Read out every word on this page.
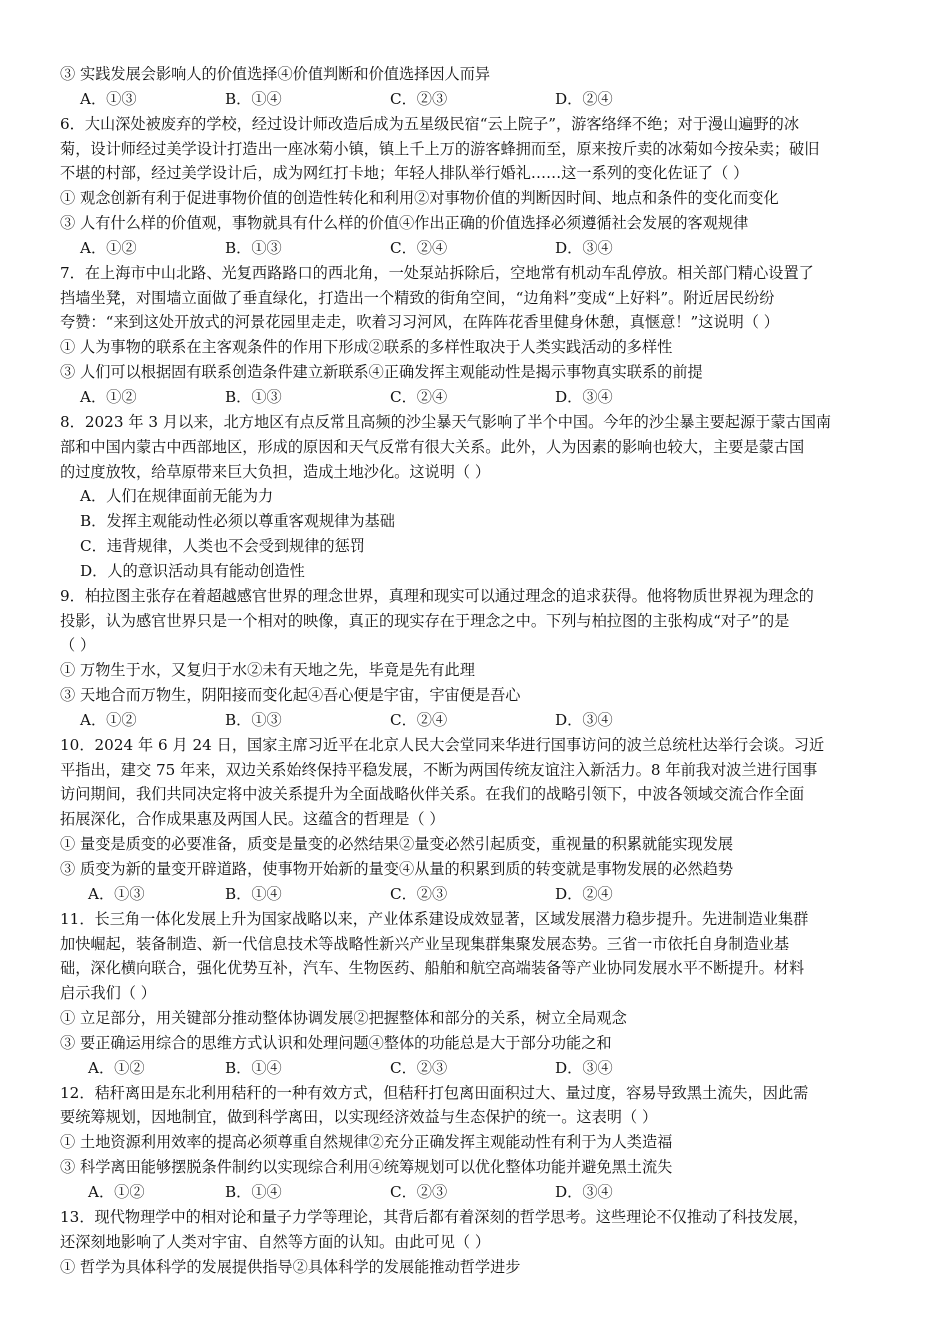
③ 实践发展会影响人的价值选择④价值判断和价值选择因人而异
A．①③	B．①④	C．②③	D．②④
6．大山深处被废弃的学校，经过设计师改造后成为五星级民宿“云上院子”，游客络绎不绝；对于漫山遍野的冰
菊，设计师经过美学设计打造出一座冰菊小镇，镇上千上万的游客蜂拥而至，原来按斤卖的冰菊如今按朵卖；破旧
不堪的村部，经过美学设计后，成为网红打卡地；年轻人排队举行婚礼……这一系列的变化佐证了（ ）
① 观念创新有利于促进事物价值的创造性转化和利用②对事物价值的判断因时间、地点和条件的变化而变化
③ 人有什么样的价值观，事物就具有什么样的价值④作出正确的价值选择必须遵循社会发展的客观规律
A．①②	B．①③	C．②④	D．③④
7．在上海市中山北路、光复西路路口的西北角，一处泵站拆除后，空地常有机动车乱停放。相关部门精心设置了
挡墙坐凳，对围墙立面做了垂直绿化，打造出一个精致的街角空间，“边角料”变成“上好料”。附近居民纷纷
夸赞：“来到这处开放式的河景花园里走走，吹着习习河风，在阵阵花香里健身休憩，真惬意！”这说明（ ）
① 人为事物的联系在主客观条件的作用下形成②联系的多样性取决于人类实践活动的多样性
③ 人们可以根据固有联系创造条件建立新联系④正确发挥主观能动性是揭示事物真实联系的前提
A．①②	B．①③	C．②④	D．③④
8．2023 年 3 月以来，北方地区有点反常且高频的沙尘暴天气影响了半个中国。今年的沙尘暴主要起源于蒙古国南
部和中国内蒙古中西部地区，形成的原因和天气反常有很大关系。此外，人为因素的影响也较大，主要是蒙古国
的过度放牧，给草原带来巨大负担，造成土地沙化。这说明（ ）
A．人们在规律面前无能为力
B．发挥主观能动性必须以尊重客观规律为基础
C．违背规律，人类也不会受到规律的惩罚
D．人的意识活动具有能动创造性
9．柏拉图主张存在着超越感官世界的理念世界，真理和现实可以通过理念的追求获得。他将物质世界视为理念的
投影，认为感官世界只是一个相对的映像，真正的现实存在于理念之中。下列与柏拉图的主张构成“对子”的是
（ ）
① 万物生于水，又复归于水②未有天地之先，毕竟是先有此理
③ 天地合而万物生，阴阳接而变化起④吾心便是宇宙，宇宙便是吾心
A．①②	B．①③	C．②④	D．③④
10．2024 年 6 月 24 日，国家主席习近平在北京人民大会堂同来华进行国事访问的波兰总统杜达举行会谈。习近
平指出，建交 75 年来，双边关系始终保持平稳发展，不断为两国传统友谊注入新活力。8 年前我对波兰进行国事
访问期间，我们共同决定将中波关系提升为全面战略伙伴关系。在我们的战略引领下，中波各领域交流合作全面
拓展深化，合作成果惠及两国人民。这蕴含的哲理是（ ）
① 量变是质变的必要准备，质变是量变的必然结果②量变必然引起质变，重视量的积累就能实现发展
③ 质变为新的量变开辟道路，使事物开始新的量变④从量的积累到质的转变就是事物发展的必然趋势
A．①③	B．①④	C．②③	D．②④
11．长三角一体化发展上升为国家战略以来，产业体系建设成效显著，区域发展潜力稳步提升。先进制造业集群
加快崛起，装备制造、新一代信息技术等战略性新兴产业呈现集群集聚发展态势。三省一市依托自身制造业基
础，深化横向联合，强化优势互补，汽车、生物医药、船舶和航空高端装备等产业协同发展水平不断提升。材料
启示我们（ ）
① 立足部分，用关键部分推动整体协调发展②把握整体和部分的关系，树立全局观念
③ 要正确运用综合的思维方式认识和处理问题④整体的功能总是大于部分功能之和
A．①②	B．①④	C．②③	D．③④
12．秸秆离田是东北利用秸秆的一种有效方式，但秸秆打包离田面积过大、量过度，容易导致黑土流失，因此需
要统筹规划，因地制宜，做到科学离田，以实现经济效益与生态保护的统一。这表明（ ）
① 土地资源利用效率的提高必须尊重自然规律②充分正确发挥主观能动性有利于为人类造福
③ 科学离田能够摆脱条件制约以实现综合利用④统筹规划可以优化整体功能并避免黑土流失
A．①②	B．①④	C．②③	D．③④
13．现代物理学中的相对论和量子力学等理论，其背后都有着深刻的哲学思考。这些理论不仅推动了科技发展，
还深刻地影响了人类对宇宙、自然等方面的认知。由此可见（ ）
① 哲学为具体科学的发展提供指导②具体科学的发展能推动哲学进步
